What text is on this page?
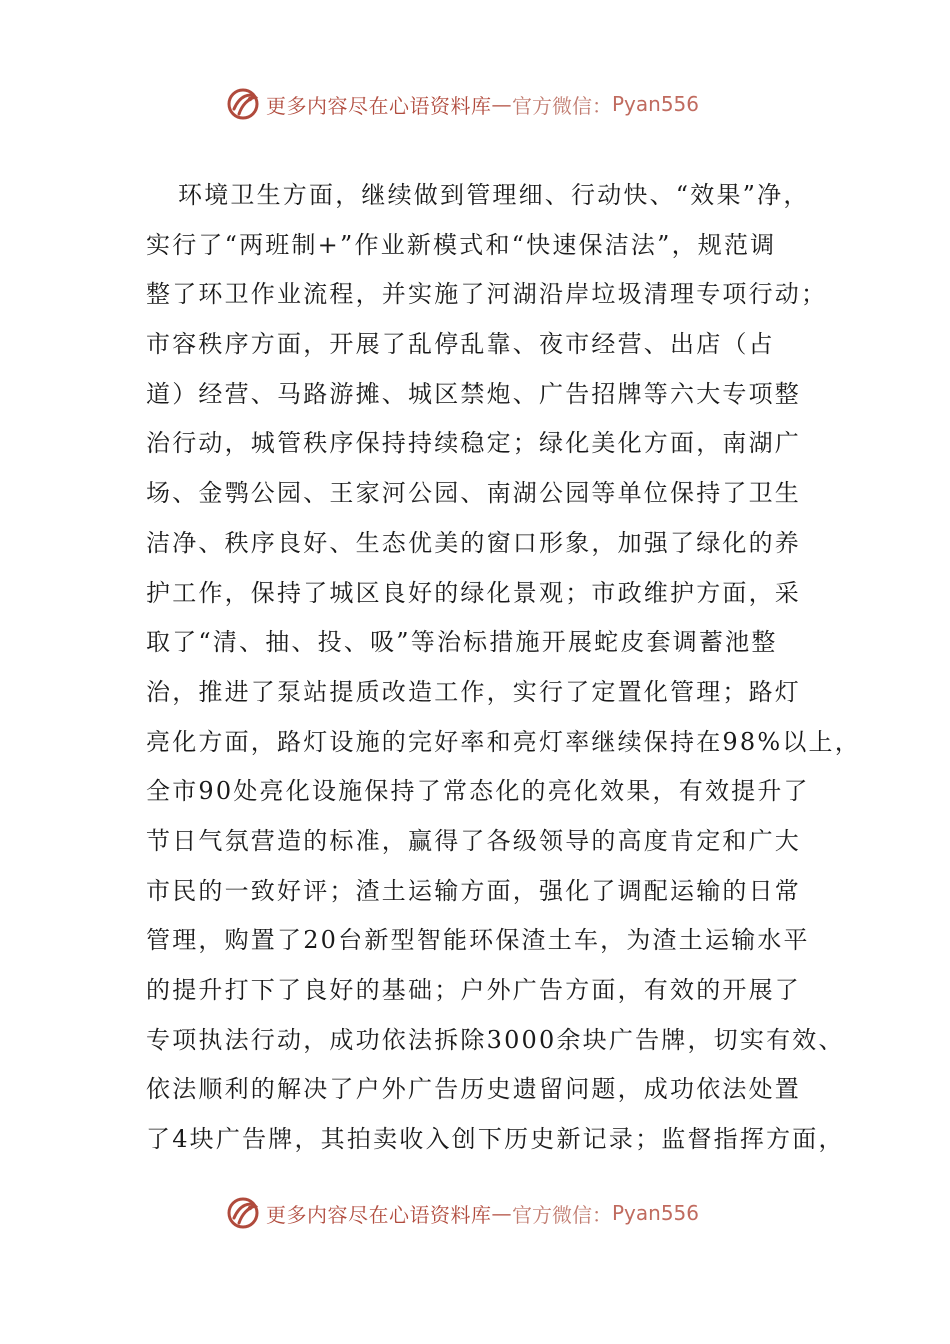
更多内容尽在心语资料库 — 官方微信： Pyan556
环境卫生方面，继续做到管理细、行动快、“效果”净，
实行了“两班制+”作业新模式和“快速保洁法”，规范调
整了环卫作业流程，并实施了河湖沿岸垃圾清理专项行动；
市容秩序方面，开展了乱停乱靠、夜市经营、出店（占
道）经营、马路游摊、城区禁炮、广告招牌等六大专项整
治行动，城管秩序保持持续稳定；绿化美化方面，南湖广
场、金鹗公园、王家河公园、南湖公园等单位保持了卫生
洁净、秩序良好、生态优美的窗口形象，加强了绿化的养
护工作，保持了城区良好的绿化景观；市政维护方面，采
取了“清、抽、投、吸”等治标措施开展蛇皮套调蓄池整
治，推进了泵站提质改造工作，实行了定置化管理；路灯
亮化方面，路灯设施的完好率和亮灯率继续保持在98%以上，
全市90处亮化设施保持了常态化的亮化效果，有效提升了
节日气氛营造的标准，赢得了各级领导的高度肯定和广大
市民的一致好评；渣土运输方面，强化了调配运输的日常
管理，购置了20台新型智能环保渣土车，为渣土运输水平
的提升打下了良好的基础；户外广告方面，有效的开展了
专项执法行动，成功依法拆除3000余块广告牌，切实有效、
依法顺利的解决了户外广告历史遗留问题，成功依法处置
了4块广告牌，其拍卖收入创下历史新记录；监督指挥方面，
更多内容尽在心语资料库 — 官方微信： Pyan556
